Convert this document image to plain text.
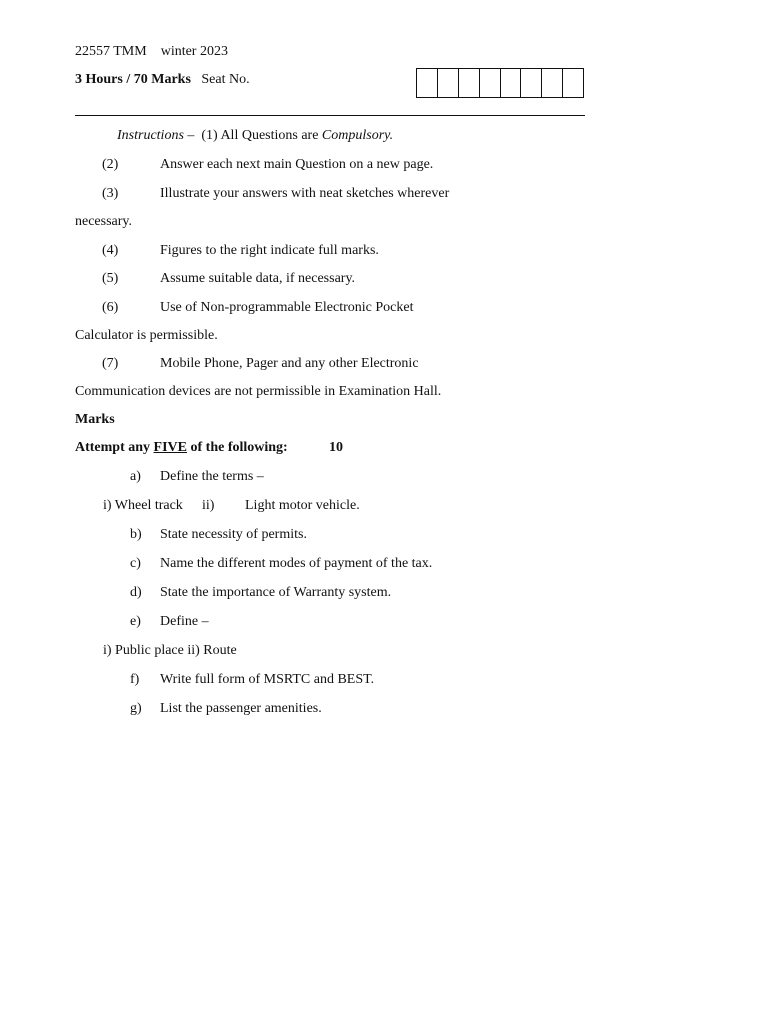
22557 TMM winter 2023
3 Hours / 70 Marks Seat No.
Instructions – (1) All Questions are Compulsory.
(2)	Answer each next main Question on a new page.
(3)	Illustrate your answers with neat sketches wherever
necessary.
(4)	Figures to the right indicate full marks.
(5)	Assume suitable data, if necessary.
(6)	Use of Non-programmable Electronic Pocket
Calculator is permissible.
(7)	Mobile Phone, Pager and any other Electronic
Communication devices are not permissible in Examination Hall.
Marks
Attempt any FIVE of the following:	10
a) Define the terms –
i) Wheel track ii) Light motor vehicle.
b) State necessity of permits.
c) Name the different modes of payment of the tax.
d) State the importance of Warranty system.
e) Define –
i) Public place ii) Route
f) Write full form of MSRTC and BEST.
g) List the passenger amenities.
